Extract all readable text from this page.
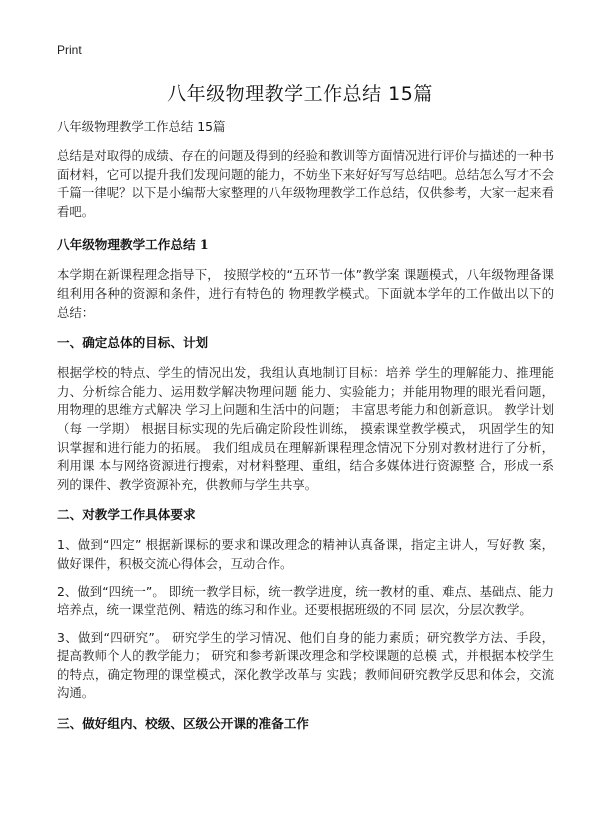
Print
八年级物理教学工作总结 15篇

八年级物理教学工作总结 15篇

总结是对取得的成绩、存在的问题及得到的经验和教训等方面情况进行评价与描述的一种书面材料，它可以提升我们发现问题的能力，不妨坐下来好好写写总结吧。总结怎么写才不会千篇一律呢？以下是小编帮大家整理的八年级物理教学工作总结，仅供参考，大家一起来看看吧。

八年级物理教学工作总结 1

本学期在新课程理念指导下， 按照学校的“五环节一体”教学案 课题模式，八年级物理备课组利用各种的资源和条件，进行有特色的 物理教学模式。下面就本学年的工作做出以下的总结：

一、确定总体的目标、计划

根据学校的特点、学生的情况出发，我组认真地制订目标：培养 学生的理解能力、推理能力、分析综合能力、运用数学解决物理问题 能力、实验能力；并能用物理的眼光看问题，用物理的思维方式解决 学习上问题和生活中的问题； 丰富思考能力和创新意识。 教学计划 （每 一学期） 根据目标实现的先后确定阶段性训练， 摸索课堂教学模式， 巩固学生的知识掌握和进行能力的拓展。 我们组成员在理解新课程理念情况下分别对教材进行了分析， 利用课 本与网络资源进行搜索，对材料整理、重组，结合多媒体进行资源整 合，形成一系列的课件、教学资源补充，供教师与学生共享。

二、对教学工作具体要求

1、做到“四定” 根据新课标的要求和课改理念的精神认真备课，指定主讲人，写好教 案，做好课件，积极交流心得体会，互动合作。

2、做到“四统一”。 即统一教学目标，统一教学进度，统一教材的重、难点、基础点、能力培养点，统一课堂范例、精选的练习和作业。还要根据班级的不同 层次，分层次教学。

3、做到“四研究”。 研究学生的学习情况、他们自身的能力素质；研究教学方法、手段， 提高教师个人的教学能力； 研究和参考新课改理念和学校课题的总模 式，并根据本校学生的特点，确定物理的课堂模式，深化教学改革与 实践；教师间研究教学反思和体会，交流沟通。

三、做好组内、校级、区级公开课的准备工作
